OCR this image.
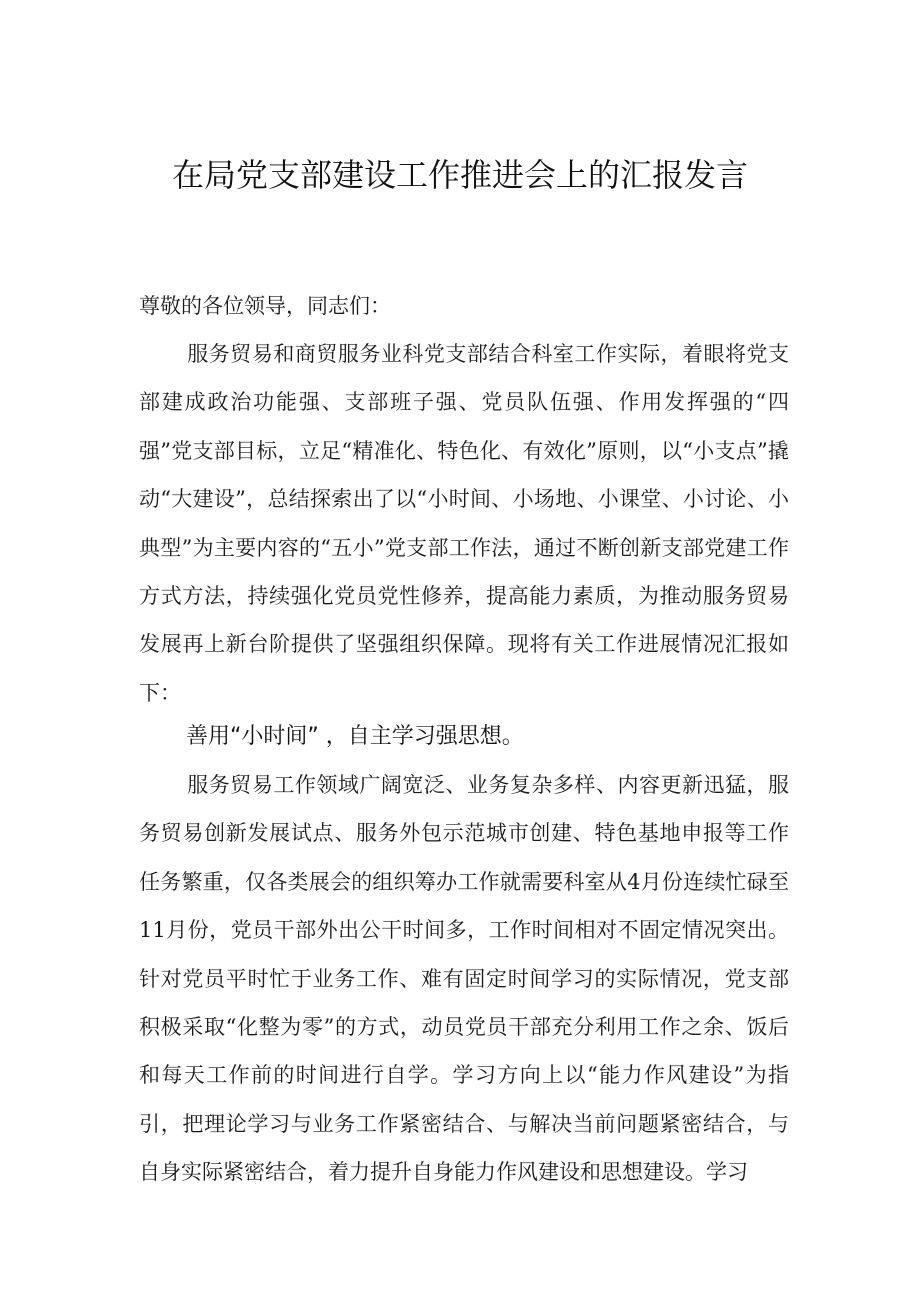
在局党支部建设工作推进会上的汇报发言
尊敬的各位领导，同志们：
服务贸易和商贸服务业科党支部结合科室工作实际，着眼将党支部建成政治功能强、支部班子强、党员队伍强、作用发挥强的“四强”党支部目标，立足“精准化、特色化、有效化”原则，以“小支点”撬动“大建设”，总结探索出了以“小时间、小场地、小课堂、小讨论、小典型”为主要内容的“五小”党支部工作法，通过不断创新支部党建工作方式方法，持续强化党员党性修养，提高能力素质，为推动服务贸易发展再上新台阶提供了坚强组织保障。现将有关工作进展情况汇报如下：
善用“小时间” ，自主学习强思想。
服务贸易工作领域广阔宽泛、业务复杂多样、内容更新迅猛，服务贸易创新发展试点、服务外包示范城市创建、特色基地申报等工作任务繁重，仅各类展会的组织筹办工作就需要科室从4月份连续忙碌至11月份，党员干部外出公干时间多，工作时间相对不固定情况突出。针对党员平时忙于业务工作、难有固定时间学习的实际情况，党支部积极采取“化整为零”的方式，动员党员干部充分利用工作之余、饭后和每天工作前的时间进行自学。学习方向上以“能力作风建设”为指引，把理论学习与业务工作紧密结合、与解决当前问题紧密结合，与自身实际紧密结合，着力提升自身能力作风建设和思想建设。学习
